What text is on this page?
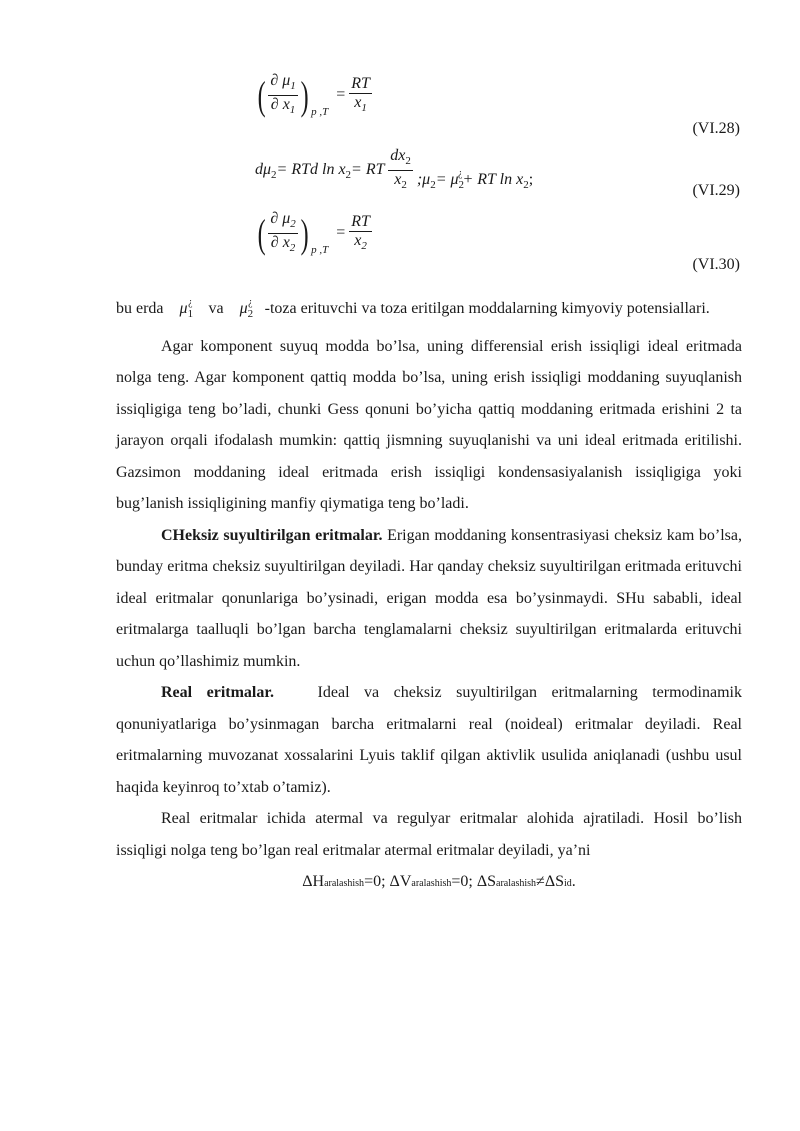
( $\frac{\partial \mu_1}{\partial x_1}$ ) $_{p ,T} = \frac{RT}{x_1}$
(VI.28)
$d\mu_2=$ RTd $\ln x_2=$ RT $\frac{dx_2}{x_2}$ $;\mu_2= \mu_2^¿+$ RT $\ln x_2$;
(VI.29)
( $\frac{\partial \mu_2}{\partial x_2}$ ) $_{p ,T} = \frac{RT}{x_2}$
(VI.30)

bu erda $\mu_1^¿$ va $\mu_2^¿$ -toza erituvchi va toza eritilgan moddalarning kimyoviy potensiallari.

Agar komponent suyuq modda bo’lsa, uning differensial erish issiqligi ideal eritmada nolga teng. Agar komponent qattiq modda bo’lsa, uning erish issiqligi moddaning suyuqlanish issiqligiga teng bo’ladi, chunki Gess qonuni bo’yicha qattiq moddaning eritmada erishini 2 ta jarayon orqali ifodalash mumkin: qattiq jismning suyuqlanishi va uni ideal eritmada eritilishi. Gazsimon moddaning ideal eritmada erish issiqligi kondensasiyalanish issiqligiga yoki bug’lanish issiqligining manfiy qiymatiga teng bo’ladi.

CHeksiz suyultirilgan eritmalar. Erigan moddaning konsentrasiyasi cheksiz kam bo’lsa, bunday eritma cheksiz suyultirilgan deyiladi. Har qanday cheksiz suyultirilgan eritmada erituvchi ideal eritmalar qonunlariga bo’ysinadi, erigan modda esa bo’ysinmaydi. SHu sababli, ideal eritmalarga taalluqli bo’lgan barcha tenglamalarni cheksiz suyultirilgan eritmalarda erituvchi uchun qo’llashimiz mumkin.

Real eritmalar.   Ideal va cheksiz suyultirilgan eritmalarning termodinamik qonuniyatlariga bo’ysinmagan barcha eritmalarni real (noideal) eritmalar deyiladi. Real eritmalarning muvozanat xossalarini Lyuis taklif qilgan aktivlik usulida aniqlanadi (ushbu usul haqida keyinroq to’xtab o’tamiz).

Real eritmalar ichida atermal va regulyar eritmalar alohida ajratiladi. Hosil bo’lish issiqligi nolga teng bo’lgan real eritmalar atermal eritmalar deyiladi, ya’ni

ΔHaralashish=0; ΔVaralashish=0; ΔSaralashish≠ΔSid.
